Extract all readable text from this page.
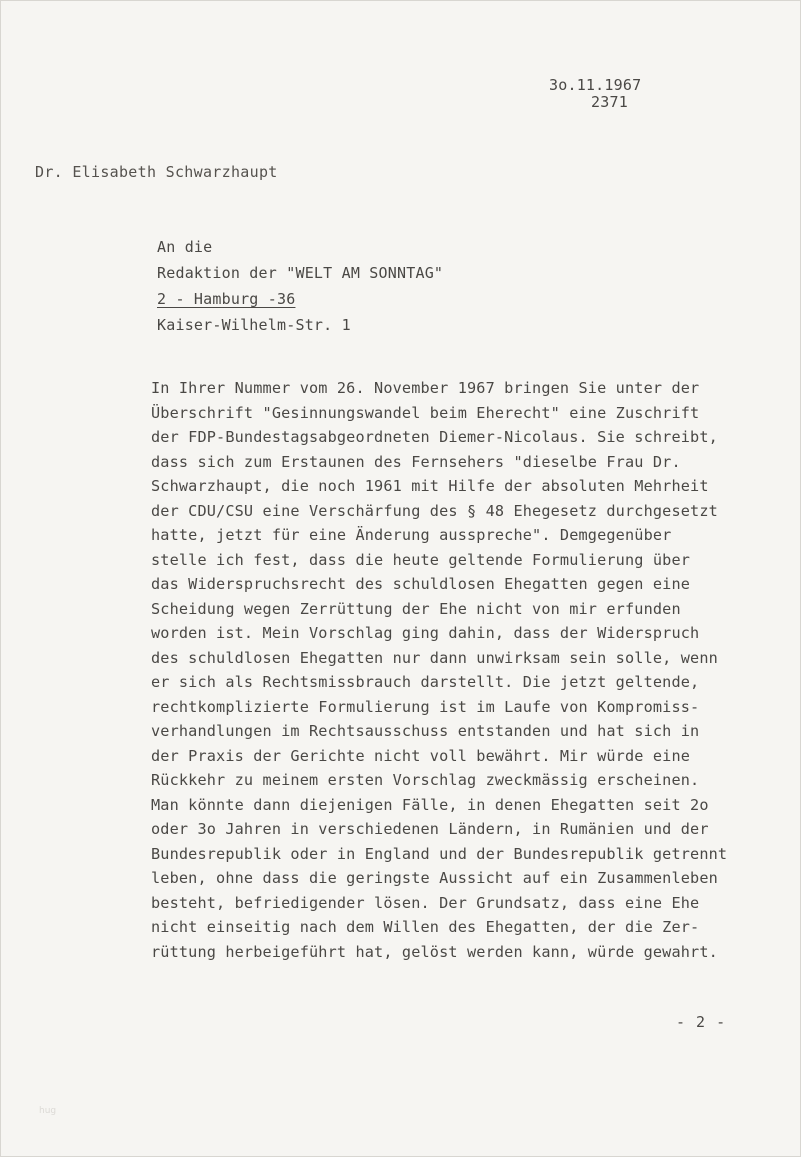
3o.11.1967
2371
Dr. Elisabeth Schwarzhaupt
An die
Redaktion der "WELT AM SONNTAG"
2 - Hamburg -36
Kaiser-Wilhelm-Str. 1
In Ihrer Nummer vom 26. November 1967 bringen Sie unter der
Überschrift "Gesinnungswandel beim Eherecht" eine Zuschrift
der FDP-Bundestagsabgeordneten Diemer-Nicolaus. Sie schreibt,
dass sich zum Erstaunen des Fernsehers "dieselbe Frau Dr.
Schwarzhaupt, die noch 1961 mit Hilfe der absoluten Mehrheit
der CDU/CSU eine Verschärfung des § 48 Ehegesetz durchgesetzt
hatte, jetzt für eine Änderung ausspreche". Demgegenüber
stelle ich fest, dass die heute geltende Formulierung über
das Widerspruchsrecht des schuldlosen Ehegatten gegen eine
Scheidung wegen Zerrüttung der Ehe nicht von mir erfunden
worden ist. Mein Vorschlag ging dahin, dass der Widerspruch
des schuldlosen Ehegatten nur dann unwirksam sein solle, wenn
er sich als Rechtsmissbrauch darstellt. Die jetzt geltende,
rechtkomplizierte Formulierung ist im Laufe von Kompromiss-
verhandlungen im Rechtsausschuss entstanden und hat sich in
der Praxis der Gerichte nicht voll bewährt. Mir würde eine
Rückkehr zu meinem ersten Vorschlag zweckmässig erscheinen.
Man könnte dann diejenigen Fälle, in denen Ehegatten seit 2o
oder 3o Jahren in verschiedenen Ländern, in Rumänien und der
Bundesrepublik oder in England und der Bundesrepublik getrennt
leben, ohne dass die geringste Aussicht auf ein Zusammenleben
besteht, befriedigender lösen. Der Grundsatz, dass eine Ehe
nicht einseitig nach dem Willen des Ehegatten, der die Zer-
rüttung herbeigeführt hat, gelöst werden kann, würde gewahrt.
- 2 -
hug
